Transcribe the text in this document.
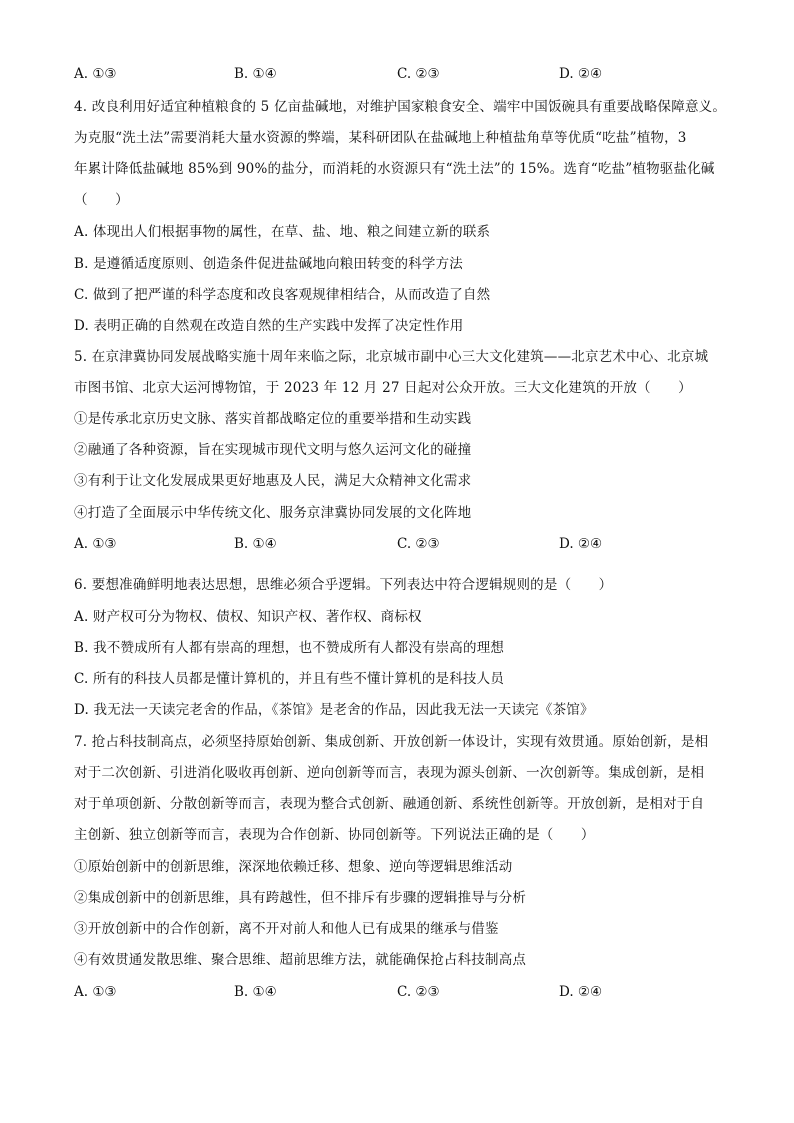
A. ①③	B. ①④	C. ②③	D. ②④
4. 改良利用好适宜种植粮食的 5 亿亩盐碱地，对维护国家粮食安全、端牢中国饭碗具有重要战略保障意义。
为克服“洗土法”需要消耗大量水资源的弊端，某科研团队在盐碱地上种植盐角草等优质“吃盐”植物，3
年累计降低盐碱地 85%到 90%的盐分，而消耗的水资源只有“洗土法”的 15%。选育“吃盐”植物驱盐化碱
（　　）
A. 体现出人们根据事物的属性，在草、盐、地、粮之间建立新的联系
B. 是遵循适度原则、创造条件促进盐碱地向粮田转变的科学方法
C. 做到了把严谨的科学态度和改良客观规律相结合，从而改造了自然
D. 表明正确的自然观在改造自然的生产实践中发挥了决定性作用
5. 在京津冀协同发展战略实施十周年来临之际，北京城市副中心三大文化建筑——北京艺术中心、北京城
市图书馆、北京大运河博物馆，于 2023 年 12 月 27 日起对公众开放。三大文化建筑的开放（　　）
①是传承北京历史文脉、落实首都战略定位的重要举措和生动实践
②融通了各种资源，旨在实现城市现代文明与悠久运河文化的碰撞
③有利于让文化发展成果更好地惠及人民，满足大众精神文化需求
④打造了全面展示中华传统文化、服务京津冀协同发展的文化阵地
A. ①③	B. ①④	C. ②③	D. ②④
6. 要想准确鲜明地表达思想，思维必须合乎逻辑。下列表达中符合逻辑规则的是（　　）
A. 财产权可分为物权、债权、知识产权、著作权、商标权
B. 我不赞成所有人都有崇高的理想，也不赞成所有人都没有崇高的理想
C. 所有的科技人员都是懂计算机的，并且有些不懂计算机的是科技人员
D. 我无法一天读完老舍的作品，《茶馆》是老舍的作品，因此我无法一天读完《茶馆》
7. 抢占科技制高点，必须坚持原始创新、集成创新、开放创新一体设计，实现有效贯通。原始创新，是相
对于二次创新、引进消化吸收再创新、逆向创新等而言，表现为源头创新、一次创新等。集成创新，是相
对于单项创新、分散创新等而言，表现为整合式创新、融通创新、系统性创新等。开放创新，是相对于自
主创新、独立创新等而言，表现为合作创新、协同创新等。下列说法正确的是（　　）
①原始创新中的创新思维，深深地依赖迁移、想象、逆向等逻辑思维活动
②集成创新中的创新思维，具有跨越性，但不排斥有步骤的逻辑推导与分析
③开放创新中的合作创新，离不开对前人和他人已有成果的继承与借鉴
④有效贯通发散思维、聚合思维、超前思维方法，就能确保抢占科技制高点
A. ①③	B. ①④	C. ②③	D. ②④
